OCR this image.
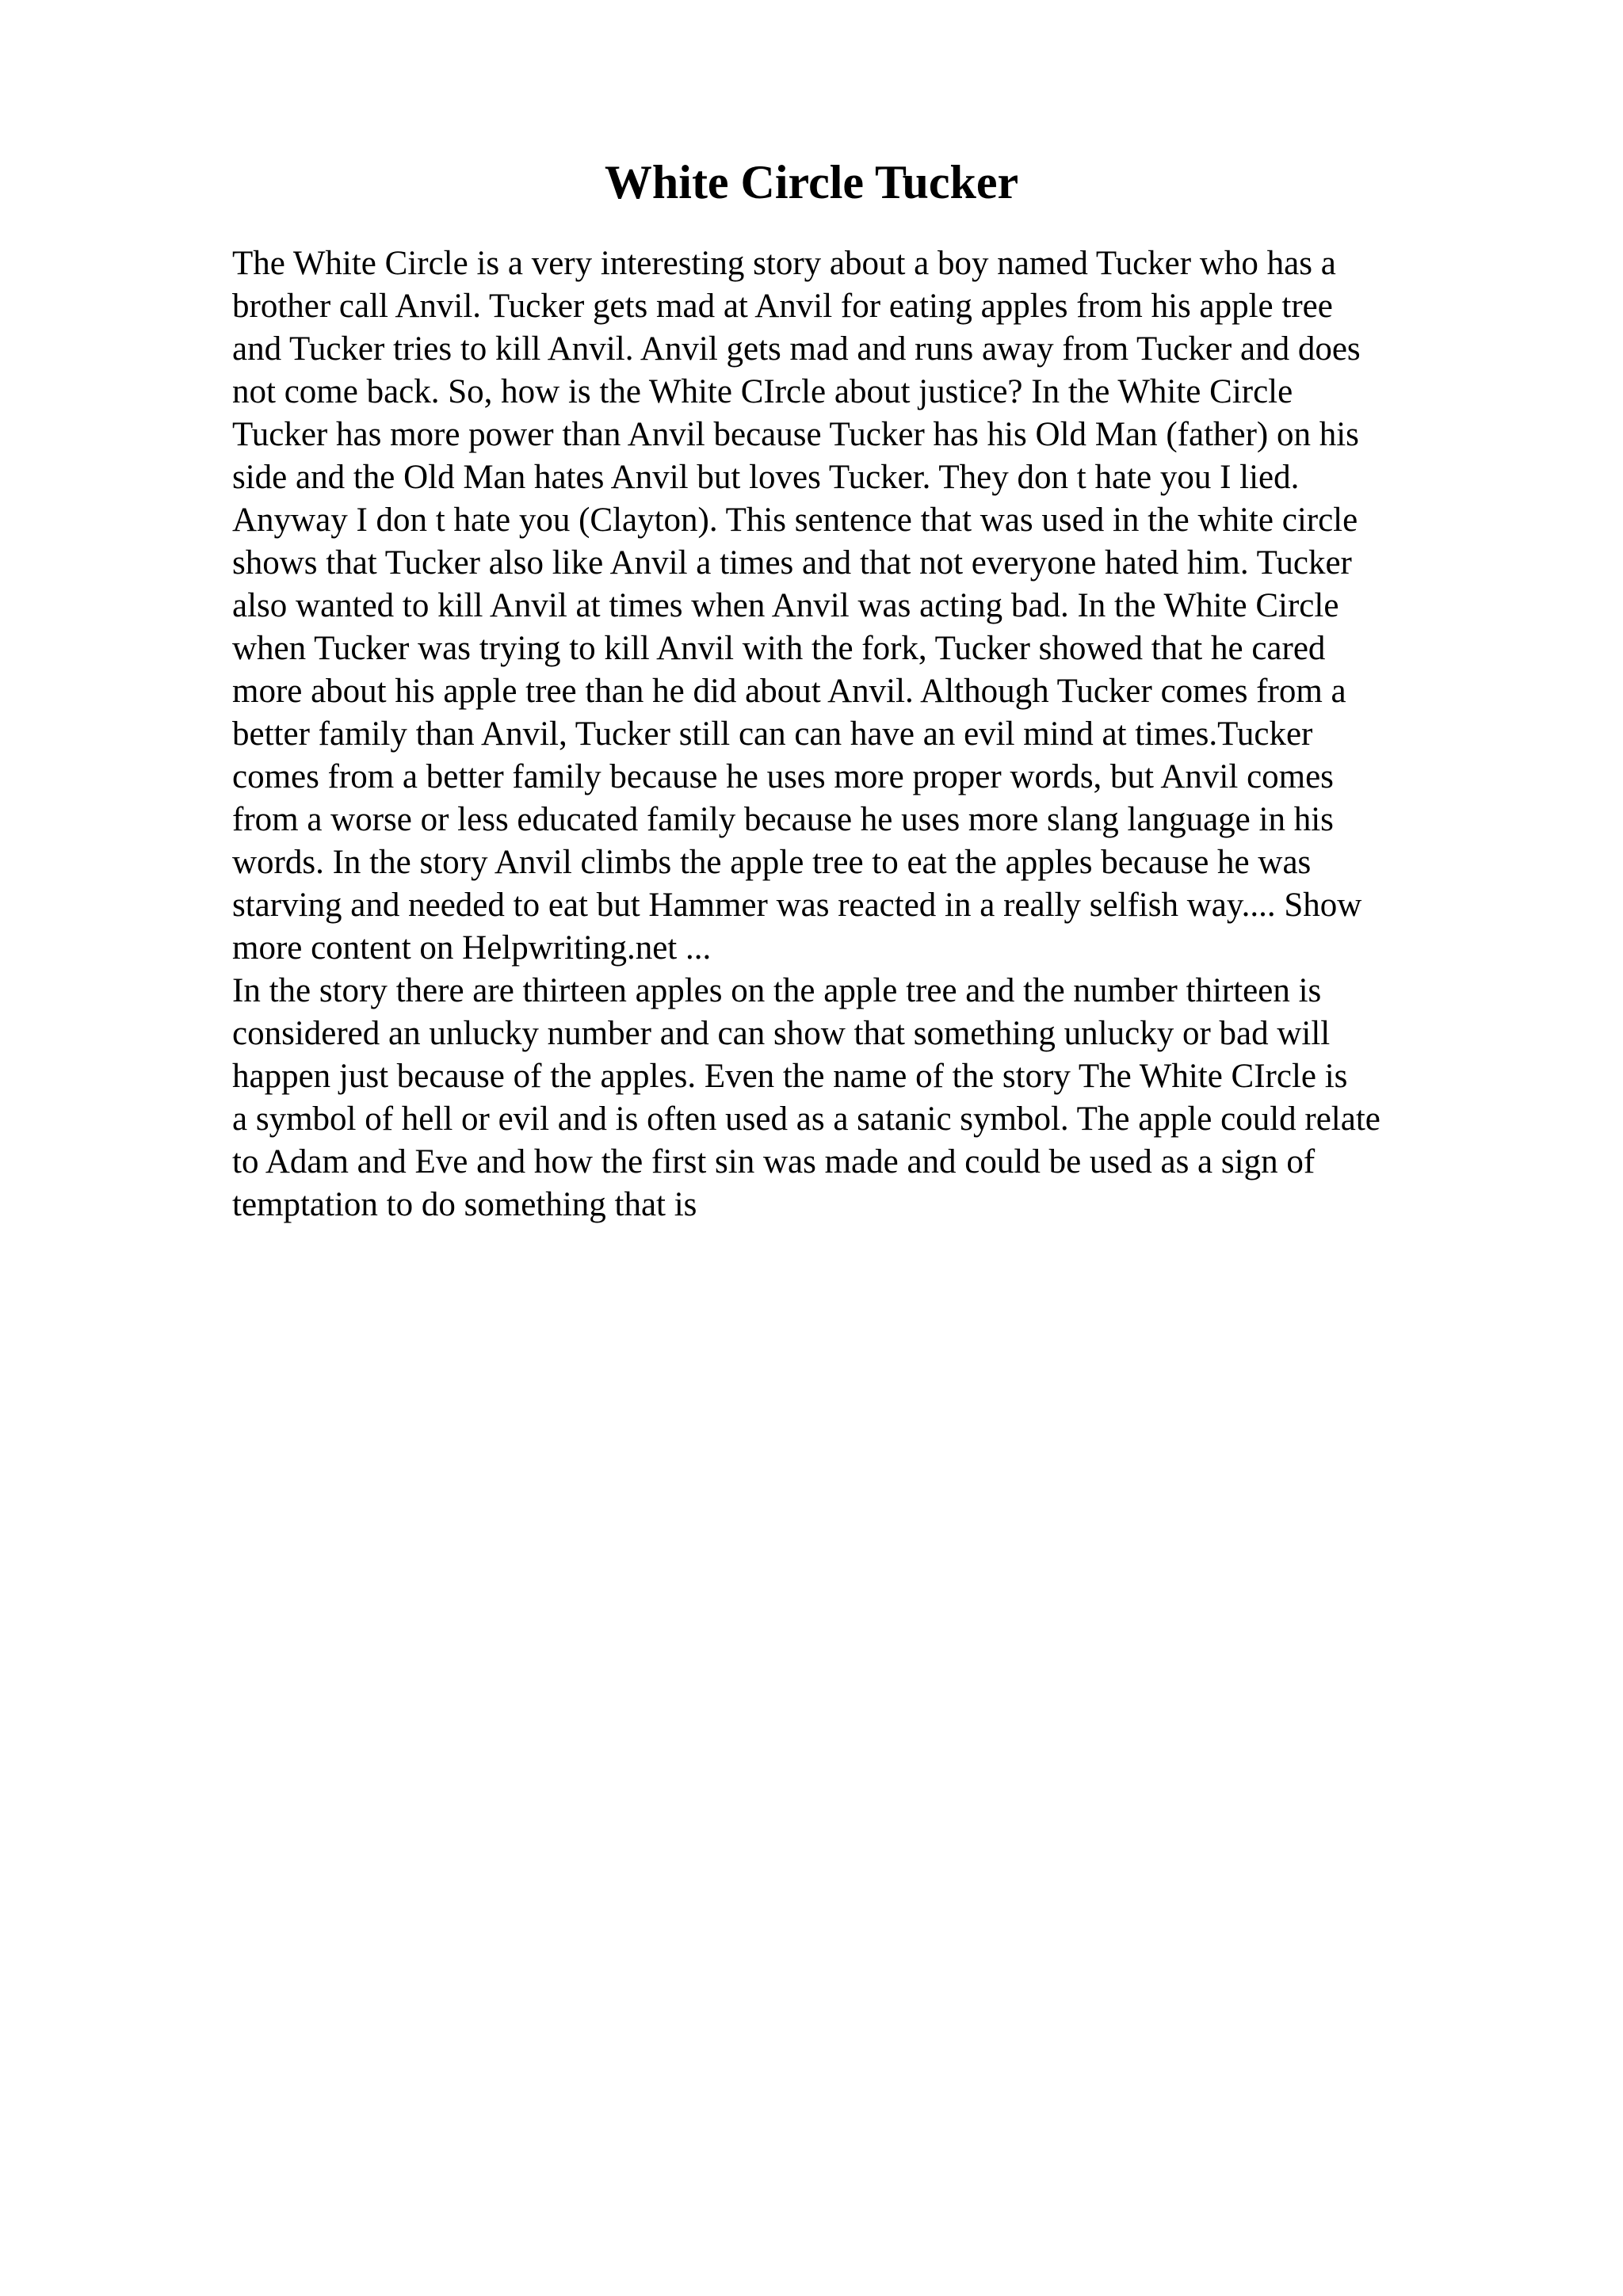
White Circle Tucker
The White Circle is a very interesting story about a boy named Tucker who has a
brother call Anvil. Tucker gets mad at Anvil for eating apples from his apple tree
and Tucker tries to kill Anvil. Anvil gets mad and runs away from Tucker and does
not come back. So, how is the White CIrcle about justice? In the White Circle
Tucker has more power than Anvil because Tucker has his Old Man (father) on his
side and the Old Man hates Anvil but loves Tucker. They don t hate you I lied.
Anyway I don t hate you (Clayton). This sentence that was used in the white circle
shows that Tucker also like Anvil a times and that not everyone hated him. Tucker
also wanted to kill Anvil at times when Anvil was acting bad. In the White Circle
when Tucker was trying to kill Anvil with the fork, Tucker showed that he cared
more about his apple tree than he did about Anvil. Although Tucker comes from a
better family than Anvil, Tucker still can can have an evil mind at times.Tucker
comes from a better family because he uses more proper words, but Anvil comes
from a worse or less educated family because he uses more slang language in his
words. In the story Anvil climbs the apple tree to eat the apples because he was
starving and needed to eat but Hammer was reacted in a really selfish way.... Show
more content on Helpwriting.net ...
In the story there are thirteen apples on the apple tree and the number thirteen is
considered an unlucky number and can show that something unlucky or bad will
happen just because of the apples. Even the name of the story The White CIrcle is
a symbol of hell or evil and is often used as a satanic symbol. The apple could relate
to Adam and Eve and how the first sin was made and could be used as a sign of
temptation to do something that is
